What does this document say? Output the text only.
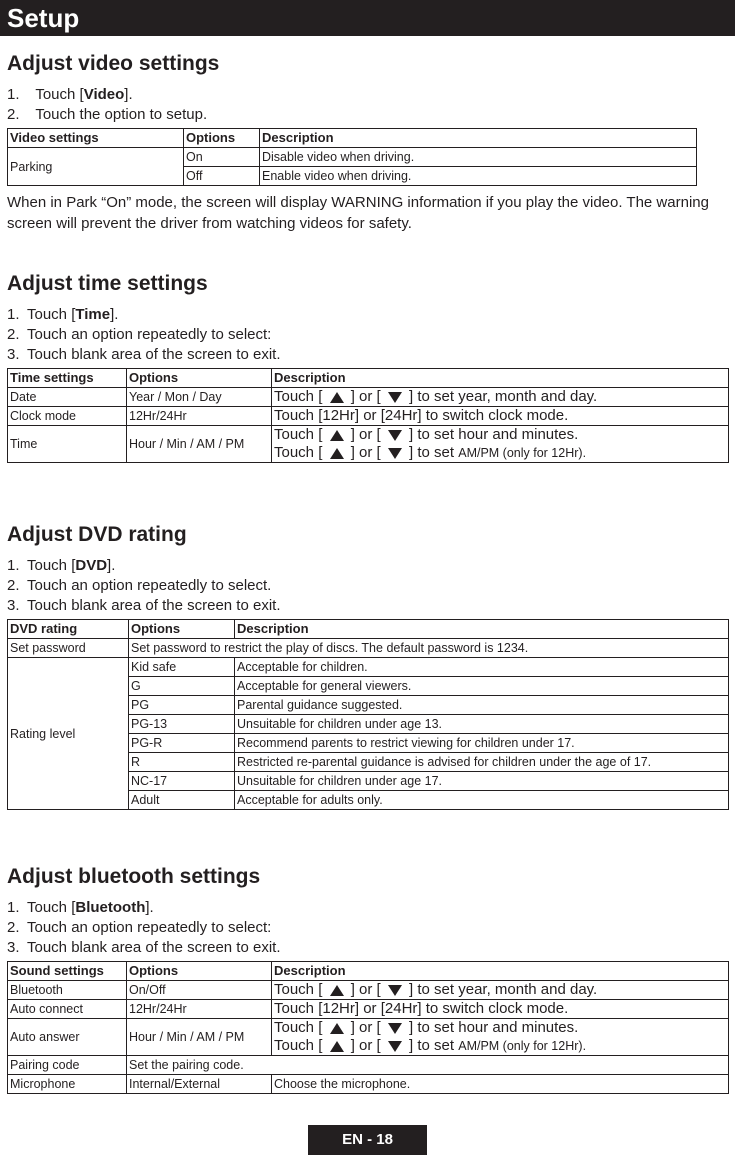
Setup
Adjust video settings
1.
	Touch [ Video ].
2.
	Touch the option to setup.
Video settings	Options	Description
Parking	On	Disable video when driving.
	Off	Enable video when driving.

When in Park “On” mode, the screen will display WARNING information if you play the video. The warning screen will prevent the driver from watching videos for safety.

Adjust time settings
1. Touch [ Time ].
2. Touch an option repeatedly to select:
3. Touch blank area of the screen to exit.
Time settings	Options	Description
Date	Year / Mon / Day	Touch [  ] or [  ] to set year, month and day.
Clock mode	12Hr/24Hr	Touch [12Hr] or [24Hr] to switch clock mode.
Time	Hour / Min / AM / PM	Touch [  ] or [  ] to set hour and minutes.
Touch [  ] or [  ] to set AM/PM (only for 12Hr).
Adjust DVD rating
1. Touch [ DVD ].
2. Touch an option repeatedly to select.
3. Touch blank area of the screen to exit.
DVD rating	Options	Description
Set password	Set password to restrict the play of discs. The default password is 1234.	
Rating level	Kid safe	Acceptable for children.
	G	Acceptable for general viewers.
	PG	Parental guidance suggested.
	PG-13	Unsuitable for children under age 13.
	PG-R	Recommend parents to restrict viewing for children under 17.
	R	Restricted re-parental guidance is advised for children under the age of 17.
	NC-17	Unsuitable for children under age 17.
	Adult	Acceptable for adults only.
Adjust bluetooth settings
1. Touch [ Bluetooth ].
2. Touch an option repeatedly to select:
3. Touch blank area of the screen to exit.
Sound settings	Options	Description
Bluetooth	On/Off	Touch [  ] or [  ] to set year, month and day.
Auto connect	12Hr/24Hr	Touch [12Hr] or [24Hr] to switch clock mode.
Auto answer	Hour / Min / AM / PM	Touch [  ] or [  ] to set hour and minutes.
Touch [  ] or [  ] to set AM/PM (only for 12Hr).

Pairing code	Set the pairing code.	
Microphone	Internal/External	Choose the microphone.
EN - 18
